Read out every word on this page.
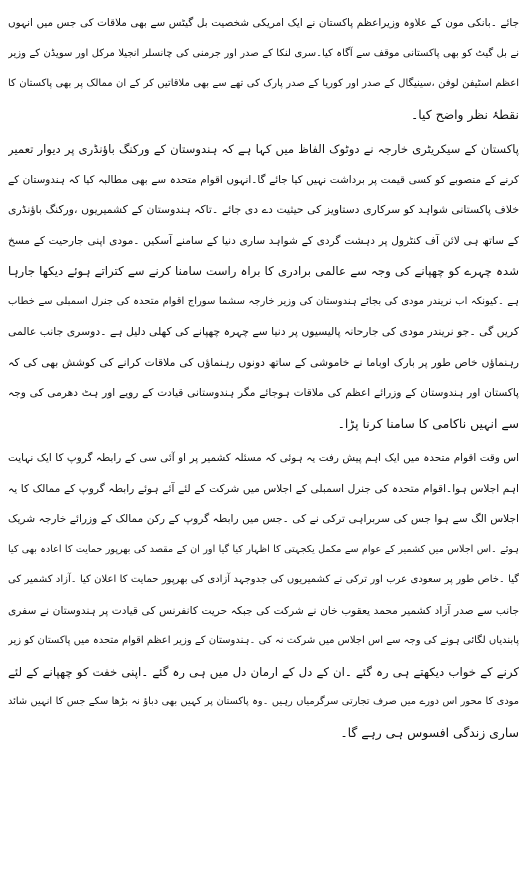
جائے ۔بانکی مون کے علاوہ وزیراعظم پاکستان نے ایک امریکی شخصیت بل گیٹس سے بھی ملاقات کی جس میں انہوں
نے بل گیٹ کو بھی پاکستانی موقف سے آگاہ کیا۔سری لنکا کے صدر اور جرمنی کی چانسلر انجیلا مرکل اور سویڈن کے وزیر
اعظم اسٹیفن لوفن ،سینیگال کے صدر اور کوریا کے صدر پارک کی تھے سے بھی ملاقاتیں کر کے ان ممالک پر بھی پاکستان کا
نقطۂ نظر واضح کیا۔
پاکستان کے سیکریٹری خارجہ نے دوٹوک الفاظ میں کہا ہے کہ ہندوستان کے ورکنگ باؤنڈری پر دیوار تعمیر
کرنے کے منصوبے کو کسی قیمت پر برداشت نہیں کیا جائے گا۔انہوں اقوام متحدہ سے بھی مطالبہ کیا کہ ہندوستان کے
خلاف پاکستانی شواہد کو سرکاری دستاویز کی حیثیت دے دی جائے ۔تاکہ ہندوستان کے کشمیریوں ،ورکنگ باؤنڈری
کے ساتھ ہی لائن آف کنٹرول پر دہشت گردی کے شواہد ساری دنیا کے سامنے آسکیں ۔مودی اپنی جارحیت کے مسخ
شدہ چہرے کو چھپانے کی وجہ سے عالمی برادری کا براہ راست سامنا کرنے سے کتراتے ہوئے دیکھا جارہا
ہے ۔کیونکہ اب نریندر مودی کی بجائے ہندوستان کی وزیر خارجہ سشما سوراج اقوام متحدہ کی جنرل اسمبلی سے خطاب
کریں گی ۔جو نریندر مودی کی جارحانہ پالیسیوں پر دنیا سے چہرہ چھپانے کی کھلی دلیل ہے ۔دوسری جانب عالمی
رہنماؤں خاص طور پر بارک اوباما نے خاموشی کے ساتھ دونوں رہنماؤں کی ملاقات کرانے کی کوشش بھی کی کہ
پاکستان اور ہندوستان کے وزرائے اعظم کی ملاقات ہوجائے مگر ہندوستانی قیادت کے رویے اور ہٹ دھرمی کی وجہ
سے انہیں ناکامی کا سامنا کرنا پڑا۔
اس وقت اقوام متحدہ میں ایک اہم پیش رفت یہ ہوئی کہ مسئلہ کشمیر پر او آئی سی کے رابطہ گروپ کا ایک نہایت
اہم اجلاس ہوا۔اقوام متحدہ کی جنرل اسمبلی کے اجلاس میں شرکت کے لئے آئے ہوئے رابطہ گروپ کے ممالک کا یہ
اجلاس الگ سے ہوا جس کی سربراہی ترکی نے کی ۔جس میں رابطہ گروپ کے رکن ممالک کے وزرائے خارجہ شریک
ہوئے ۔اس اجلاس میں کشمیر کے عوام سے مکمل یکجہتی کا اظہار کیا گیا اور ان کے مقصد کی بھرپور حمایت کا اعادہ بھی کیا
گیا ۔خاص طور پر سعودی عرب اور ترکی نے کشمیریوں کی جدوجہد آزادی کی بھرپور حمایت کا اعلان کیا ۔آزاد کشمیر کی
جانب سے صدر آزاد کشمیر محمد یعقوب خان نے شرکت کی جبکہ حریت کانفرنس کی قیادت پر ہندوستان نے سفری
پابندیاں لگائی ہونے کی وجہ سے اس اجلاس میں شرکت نہ کی ۔ہندوستان کے وزیر اعظم اقوام متحدہ میں پاکستان کو زیر
کرنے کے خواب دیکھتے ہی رہ گئے ۔ان کے دل کے ارمان دل میں ہی رہ گئے ۔اپنی خفت کو چھپانے کے لئے
مودی کا محور اس دورے میں صرف تجارتی سرگرمیاں رہیں ۔وہ پاکستان پر کہیں بھی دباؤ نہ بڑھا سکے جس کا انہیں شائد
ساری زندگی افسوس ہی رہے گا۔
